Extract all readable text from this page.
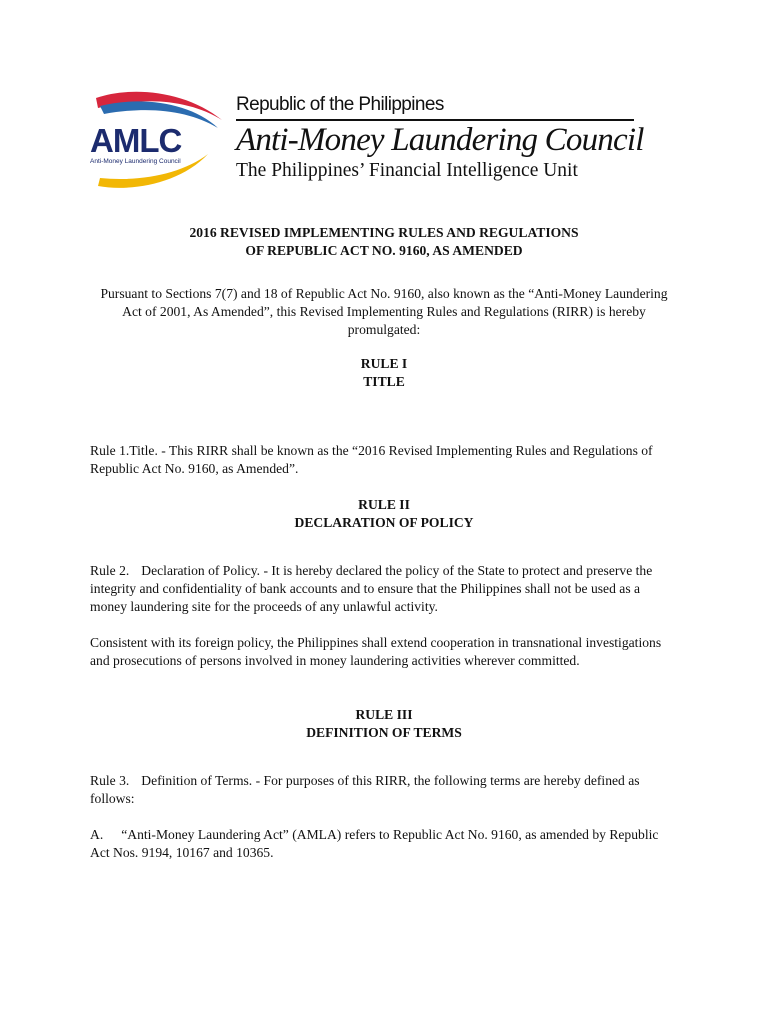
AMLC
Anti-Money Laundering Council
Republic of the Philippines
Anti-Money Laundering Council
The Philippines’ Financial Intelligence Unit
2016 REVISED IMPLEMENTING RULES AND REGULATIONS
OF REPUBLIC ACT NO. 9160, AS AMENDED
Pursuant to Sections 7(7) and 18 of Republic Act No. 9160, also known as the “Anti-Money Laundering Act of 2001, As Amended”, this Revised Implementing Rules and Regulations (RIRR) is hereby promulgated:
RULE I
TITLE
Rule 1.Title. - This RIRR shall be known as the “2016 Revised Implementing Rules and Regulations of Republic Act No. 9160, as Amended”.
RULE II
DECLARATION OF POLICY
Rule 2. Declaration of Policy. - It is hereby declared the policy of the State to protect and preserve the integrity and confidentiality of bank accounts and to ensure that the Philippines shall not be used as a money laundering site for the proceeds of any unlawful activity.
Consistent with its foreign policy, the Philippines shall extend cooperation in transnational investigations and prosecutions of persons involved in money laundering activities wherever committed.
RULE III
DEFINITION OF TERMS
Rule 3. Definition of Terms. - For purposes of this RIRR, the following terms are hereby defined as follows:
A. “Anti-Money Laundering Act” (AMLA) refers to Republic Act No. 9160, as amended by Republic Act Nos. 9194, 10167 and 10365.
